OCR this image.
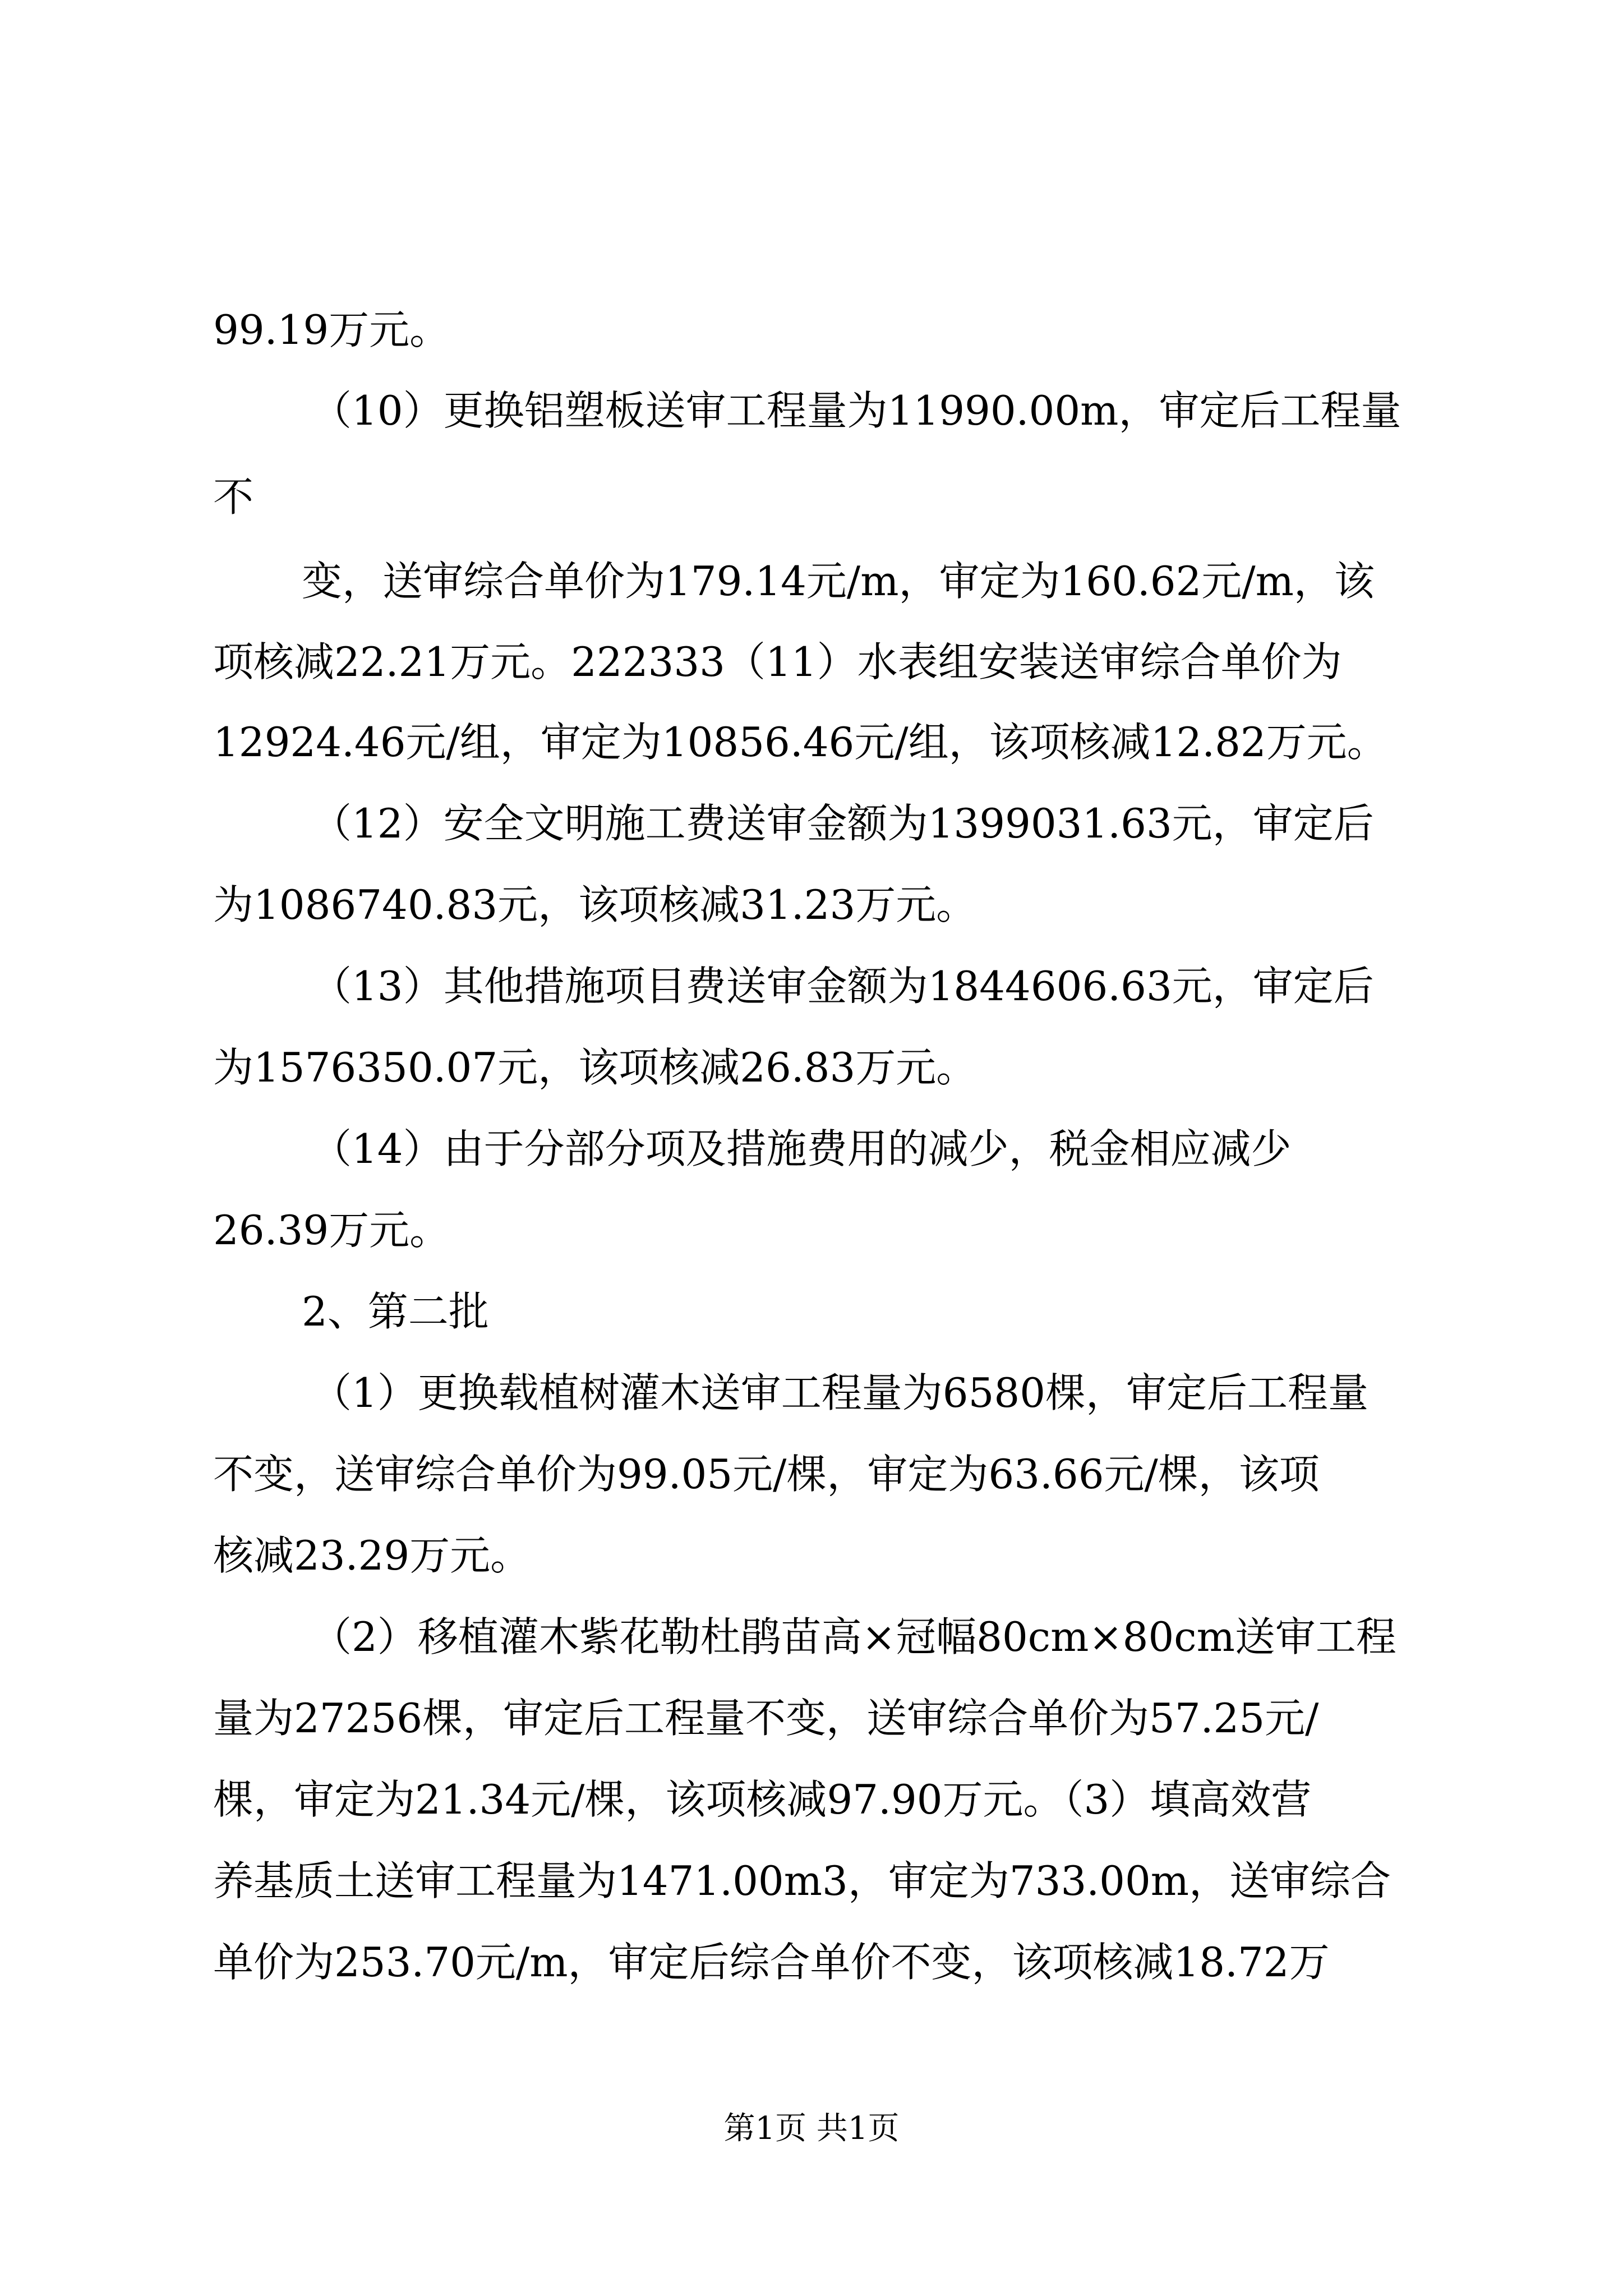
99.19万元。
（10）更换铝塑板送审工程量为11990.00m，审定后工程量
不
变，送审综合单价为179.14元/m，审定为160.62元/m，该
项核减22.21万元。222333（11）水表组安装送审综合单价为
12924.46元/组，审定为10856.46元/组，该项核减12.82万元。
（12）安全文明施工费送审金额为1399031.63元，审定后
为1086740.83元，该项核减31.23万元。
（13）其他措施项目费送审金额为1844606.63元，审定后
为1576350.07元，该项核减26.83万元。
（14）由于分部分项及措施费用的减少，税金相应减少
26.39万元。
2、第二批
（1）更换载植树灌木送审工程量为6580棵，审定后工程量
不变，送审综合单价为99.05元/棵，审定为63.66元/棵，该项
核减23.29万元。
（2）移植灌木紫花勒杜鹃苗高×冠幅80cm×80cm送审工程
量为27256棵，审定后工程量不变，送审综合单价为57.25元/
棵，审定为21.34元/棵，该项核减97.90万元。（3）填高效营
养基质土送审工程量为1471.00m3，审定为733.00m，送审综合
单价为253.70元/m，审定后综合单价不变，该项核减18.72万
第1页 共1页
